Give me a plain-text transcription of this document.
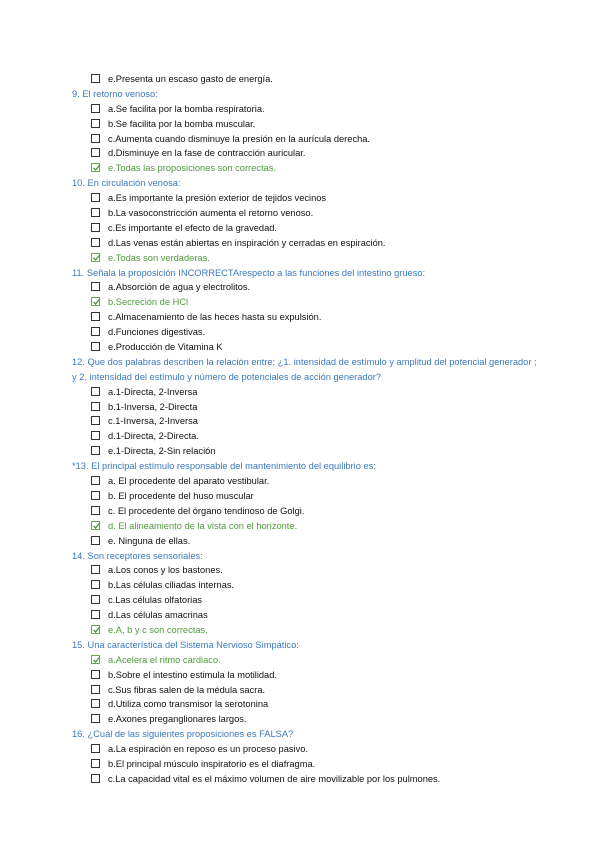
e.Presenta un escaso gasto de energía.
9. El retorno venoso:
a.Se facilita por la bomba respiratoria.
b.Se facilita por la bomba muscular.
c.Aumenta cuando disminuye la presión en la aurícula derecha.
d.Disminuye en la fase de contracción auricular.
e.Todas las proposiciones son correctas.
10. En circulación venosa:
a.Es importante la presión exterior de tejidos vecinos
b.La vasoconstricción aumenta el retorno venoso.
c.Es importante el efecto de la gravedad.
d.Las venas están abiertas en inspiración y cerradas en espiración.
e.Todas son verdaderas.
11. Señala la proposición INCORRECTArespecto a las funciones del intestino grueso:
a.Absorción de agua y electrolitos.
b.Secreción de HCl
c.Almacenamiento de las heces hasta su expulsión.
d.Funciones digestivas.
e.Producción de Vitamina K
12. Que dos palabras describen la relación entre; ¿1. intensidad de estímulo y amplitud del potencial generador ;
y 2. intensidad del estímulo y número de potenciales de acción generador?
a.1-Directa, 2-Inversa
b.1-Inversa, 2-Directa
c.1-Inversa, 2-Inversa
d.1-Directa, 2-Directa.
e.1-Directa, 2-Sin relación
*13. El principal estímulo responsable del mantenimiento del equilibrio es:
a. El procedente del aparato vestibular.
b. El procedente del huso muscular
c. El procedente del órgano tendinoso de Golgi.
d. El alineamiento de la vista con el horizonte.
e. Ninguna de ellas.
14. Son receptores sensoriales:
a.Los conos y los bastones.
b.Las células ciliadas internas.
c.Las células olfatorias
d.Las células amacrinas
e.A, b y c son correctas.
15. Una característica del Sistema Nervioso Simpático:
a.Acelera el ritmo cardiaco.
b.Sobre el intestino estimula la motilidad.
c.Sus fibras salen de la médula sacra.
d.Utiliza como transmisor la serotonina
e.Axones preganglionares largos.
16. ¿Cuál de las siguientes proposiciones es FALSA?
a.La espiración en reposo es un proceso pasivo.
b.El principal músculo inspiratorio es el diafragma.
c.La capacidad vital es el máximo volumen de aire movilizable por los pulmones.
